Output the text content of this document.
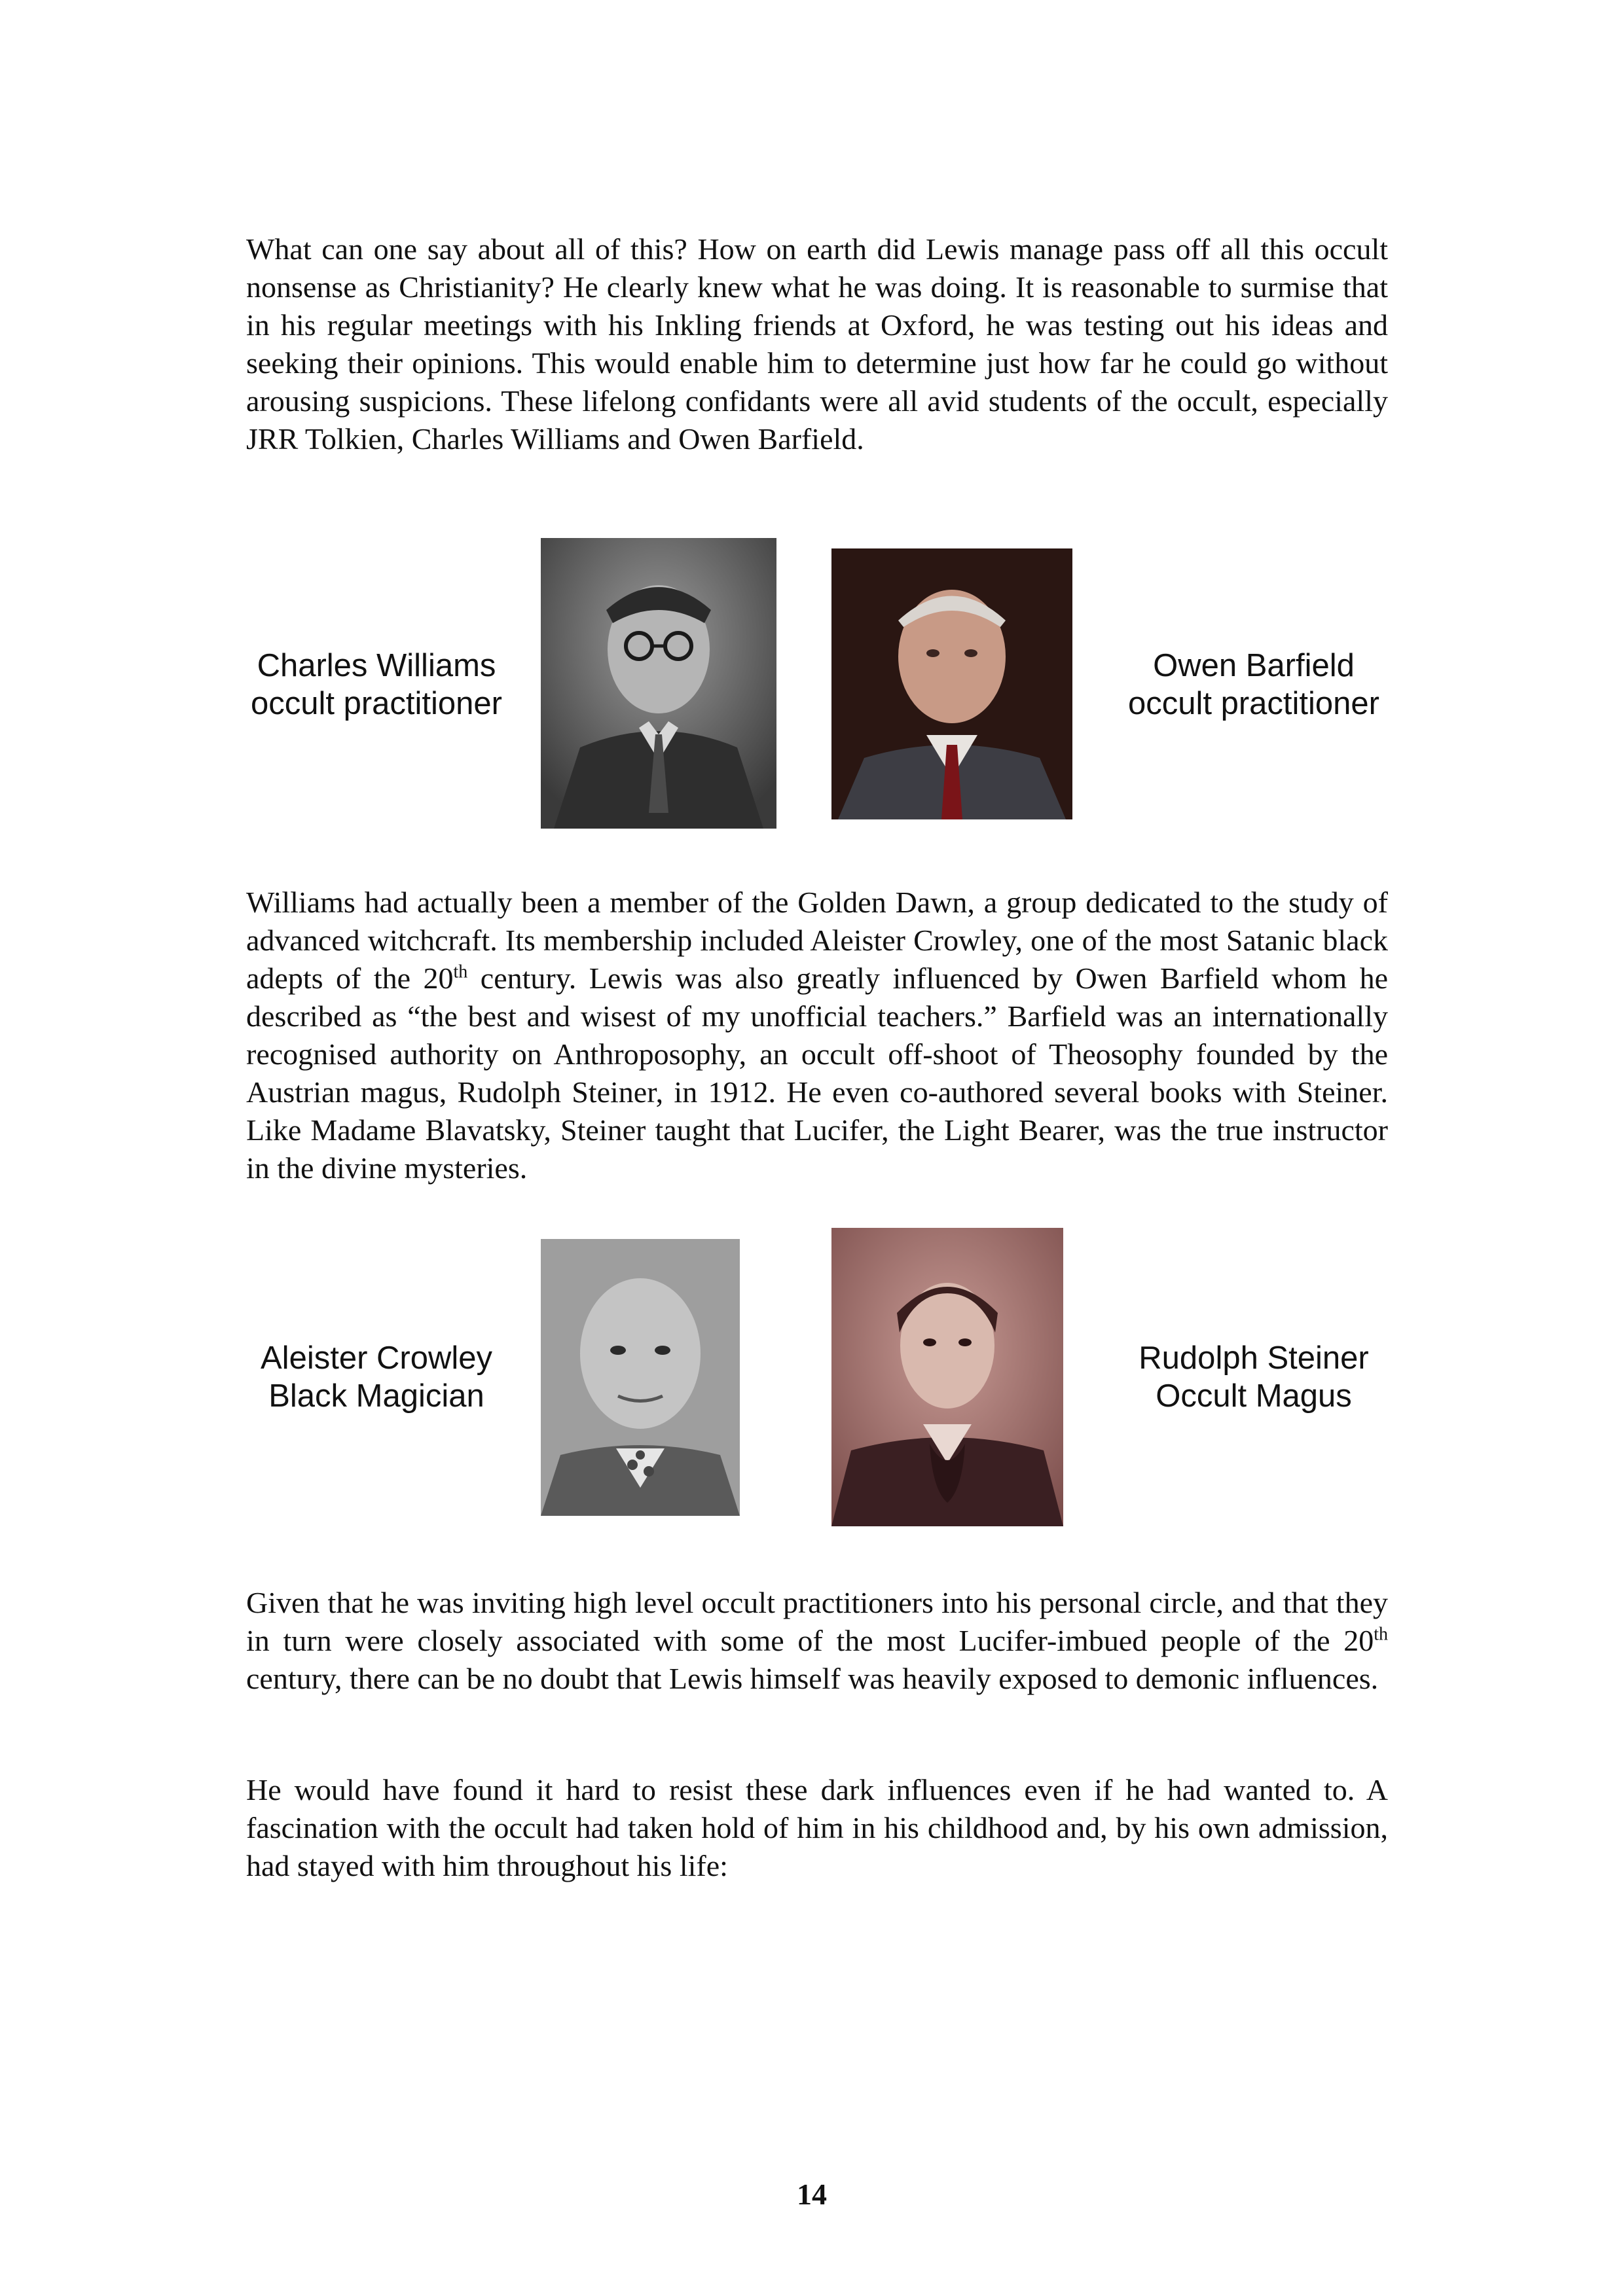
What can one say about all of this? How on earth did Lewis manage pass off all this occult nonsense as Christianity? He clearly knew what he was doing. It is reasonable to surmise that in his regular meetings with his Inkling friends at Oxford, he was testing out his ideas and seeking their opinions. This would enable him to determine just how far he could go without arousing suspicions. These lifelong confidants were all avid students of the occult, especially JRR Tolkien, Charles Williams and Owen Barfield.

Charles Williams
occult practitioner
Owen Barfield
occult practitioner

Williams had actually been a member of the Golden Dawn, a group dedicated to the study of advanced witchcraft. Its membership included Aleister Crowley, one of the most Satanic black adepts of the 20th century. Lewis was also greatly influenced by Owen Barfield whom he described as “the best and wisest of my unofficial teachers.” Barfield was an internationally recognised authority on Anthroposophy, an occult off-shoot of Theosophy founded by the Austrian magus, Rudolph Steiner, in 1912. He even co-authored several books with Steiner. Like Madame Blavatsky, Steiner taught that Lucifer, the Light Bearer, was the true instructor in the divine mysteries.

Aleister Crowley
Black Magician
Rudolph Steiner
Occult Magus

Given that he was inviting high level occult practitioners into his personal circle, and that they in turn were closely associated with some of the most Lucifer-imbued people of the 20th century, there can be no doubt that Lewis himself was heavily exposed to demonic influences.

He would have found it hard to resist these dark influences even if he had wanted to. A fascination with the occult had taken hold of him in his childhood and, by his own admission, had stayed with him throughout his life:

14
